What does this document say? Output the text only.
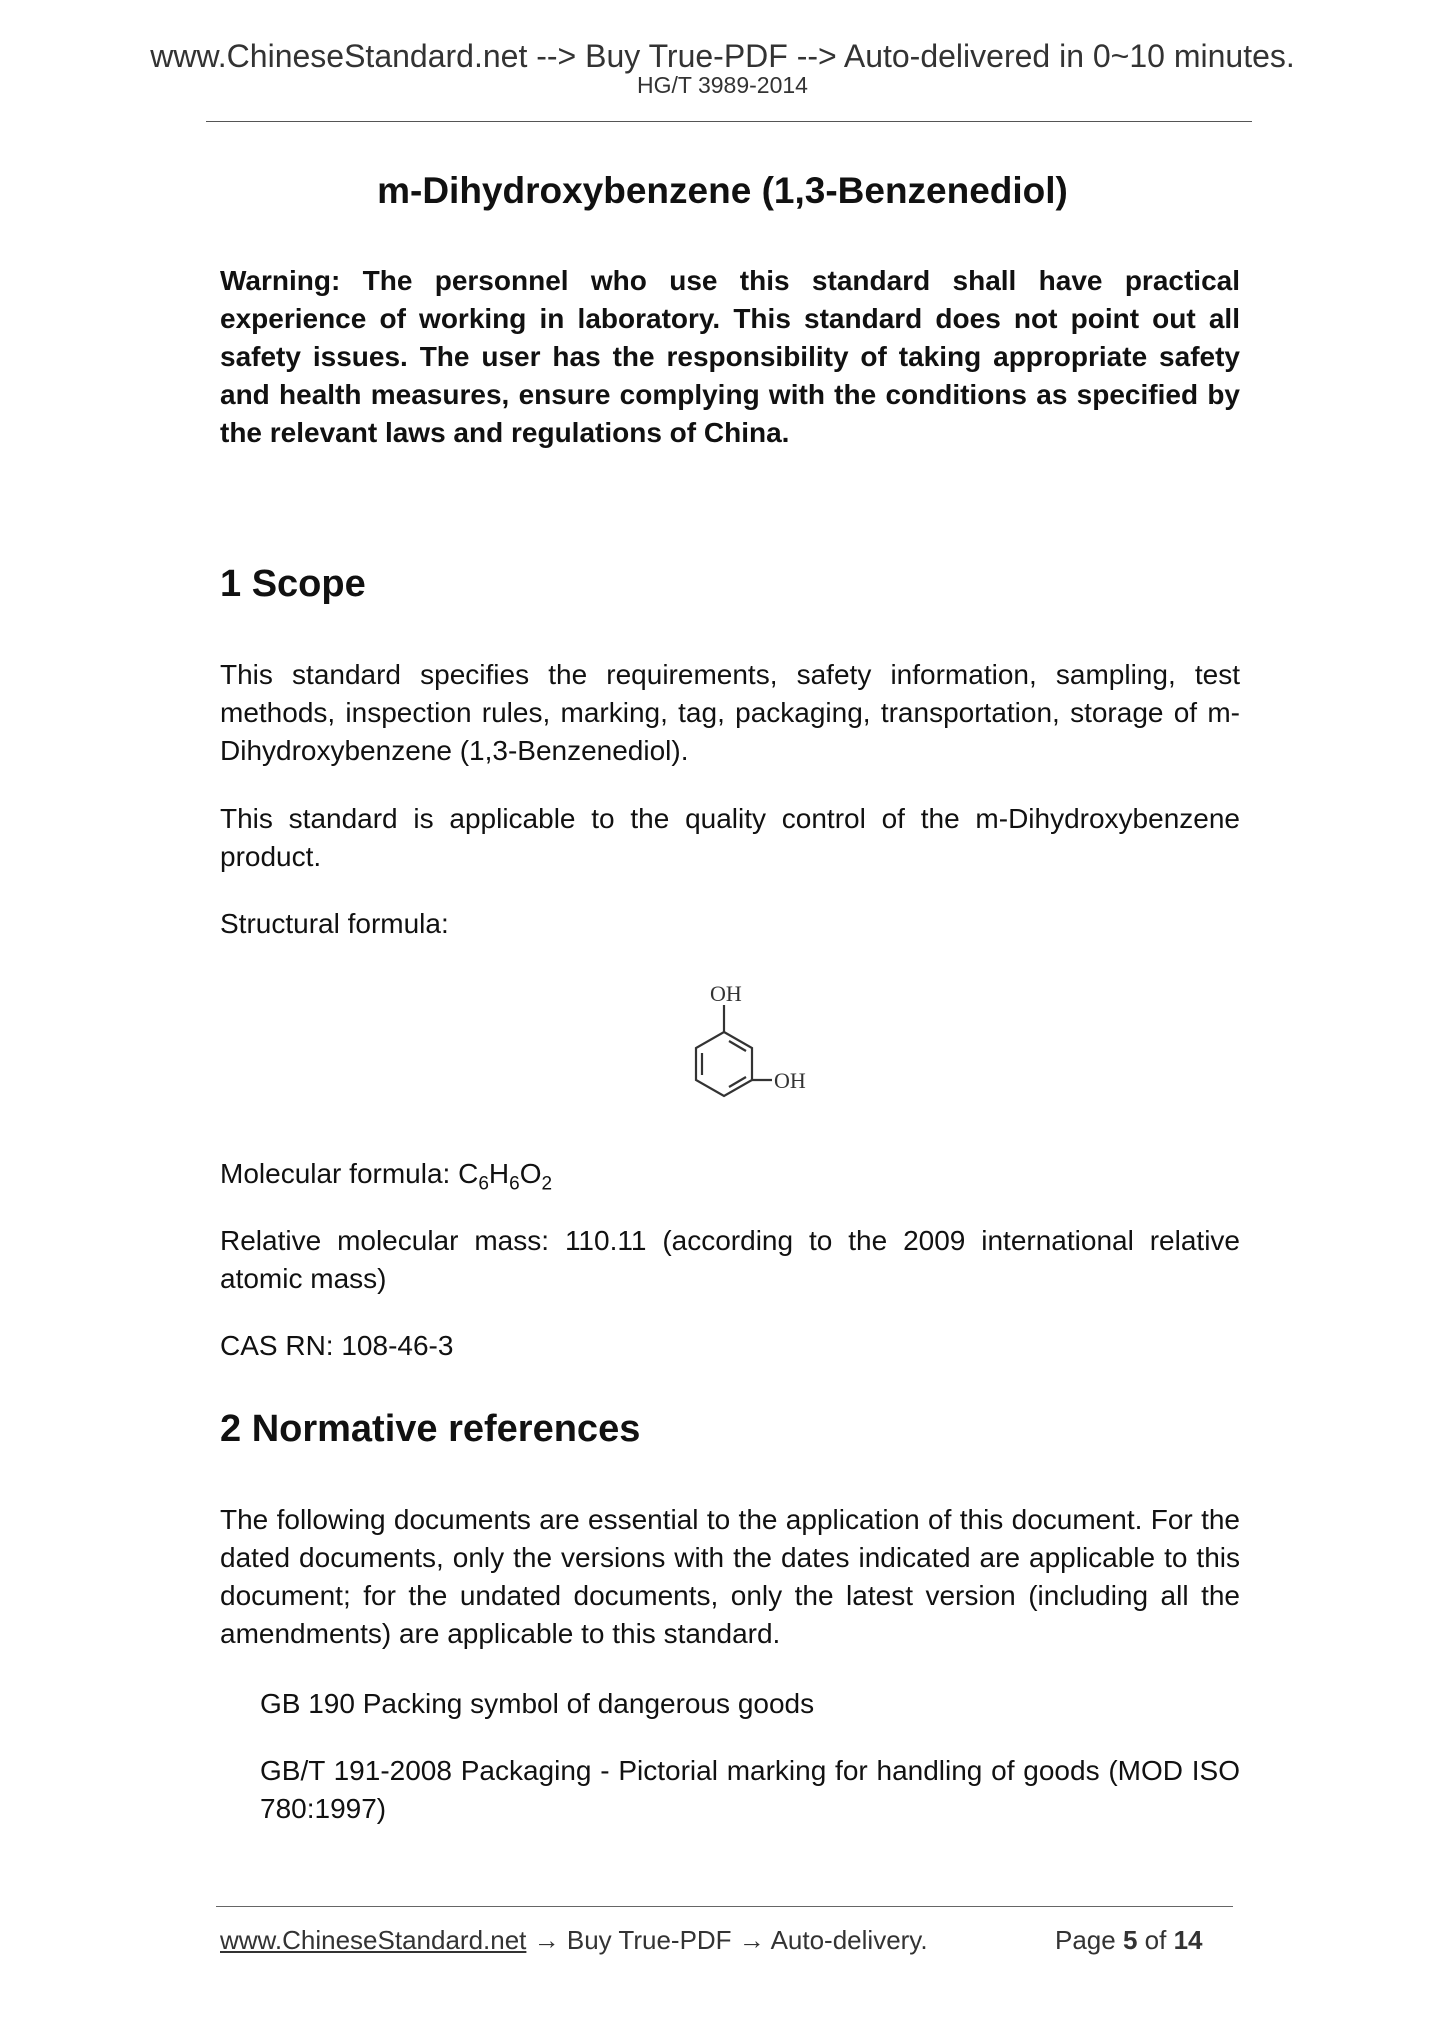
www.ChineseStandard.net --> Buy True-PDF --> Auto-delivered in 0~10 minutes.
HG/T 3989-2014
m-Dihydroxybenzene (1,3-Benzenediol)

Warning: The personnel who use this standard shall have practical experience of working in laboratory. This standard does not point out all safety issues. The user has the responsibility of taking appropriate safety and health measures, ensure complying with the conditions as specified by the relevant laws and regulations of China.

1 Scope

This standard specifies the requirements, safety information, sampling, test methods, inspection rules, marking, tag, packaging, transportation, storage of m-Dihydroxybenzene (1,3-Benzenediol).

This standard is applicable to the quality control of the m-Dihydroxybenzene product.

Structural formula:

OH
OH

Molecular formula: $C_6H_6O_2$

Relative molecular mass: 110.11 (according to the 2009 international relative atomic mass)

CAS RN: 108-46-3

2 Normative references

The following documents are essential to the application of this document. For the dated documents, only the versions with the dates indicated are applicable to this document; for the undated documents, only the latest version (including all the amendments) are applicable to this standard.

GB 190 Packing symbol of dangerous goods

GB/T 191-2008 Packaging - Pictorial marking for handling of goods (MOD ISO 780:1997)

www.ChineseStandard.net → Buy True-PDF → Auto-delivery.	Page 5 of 14
